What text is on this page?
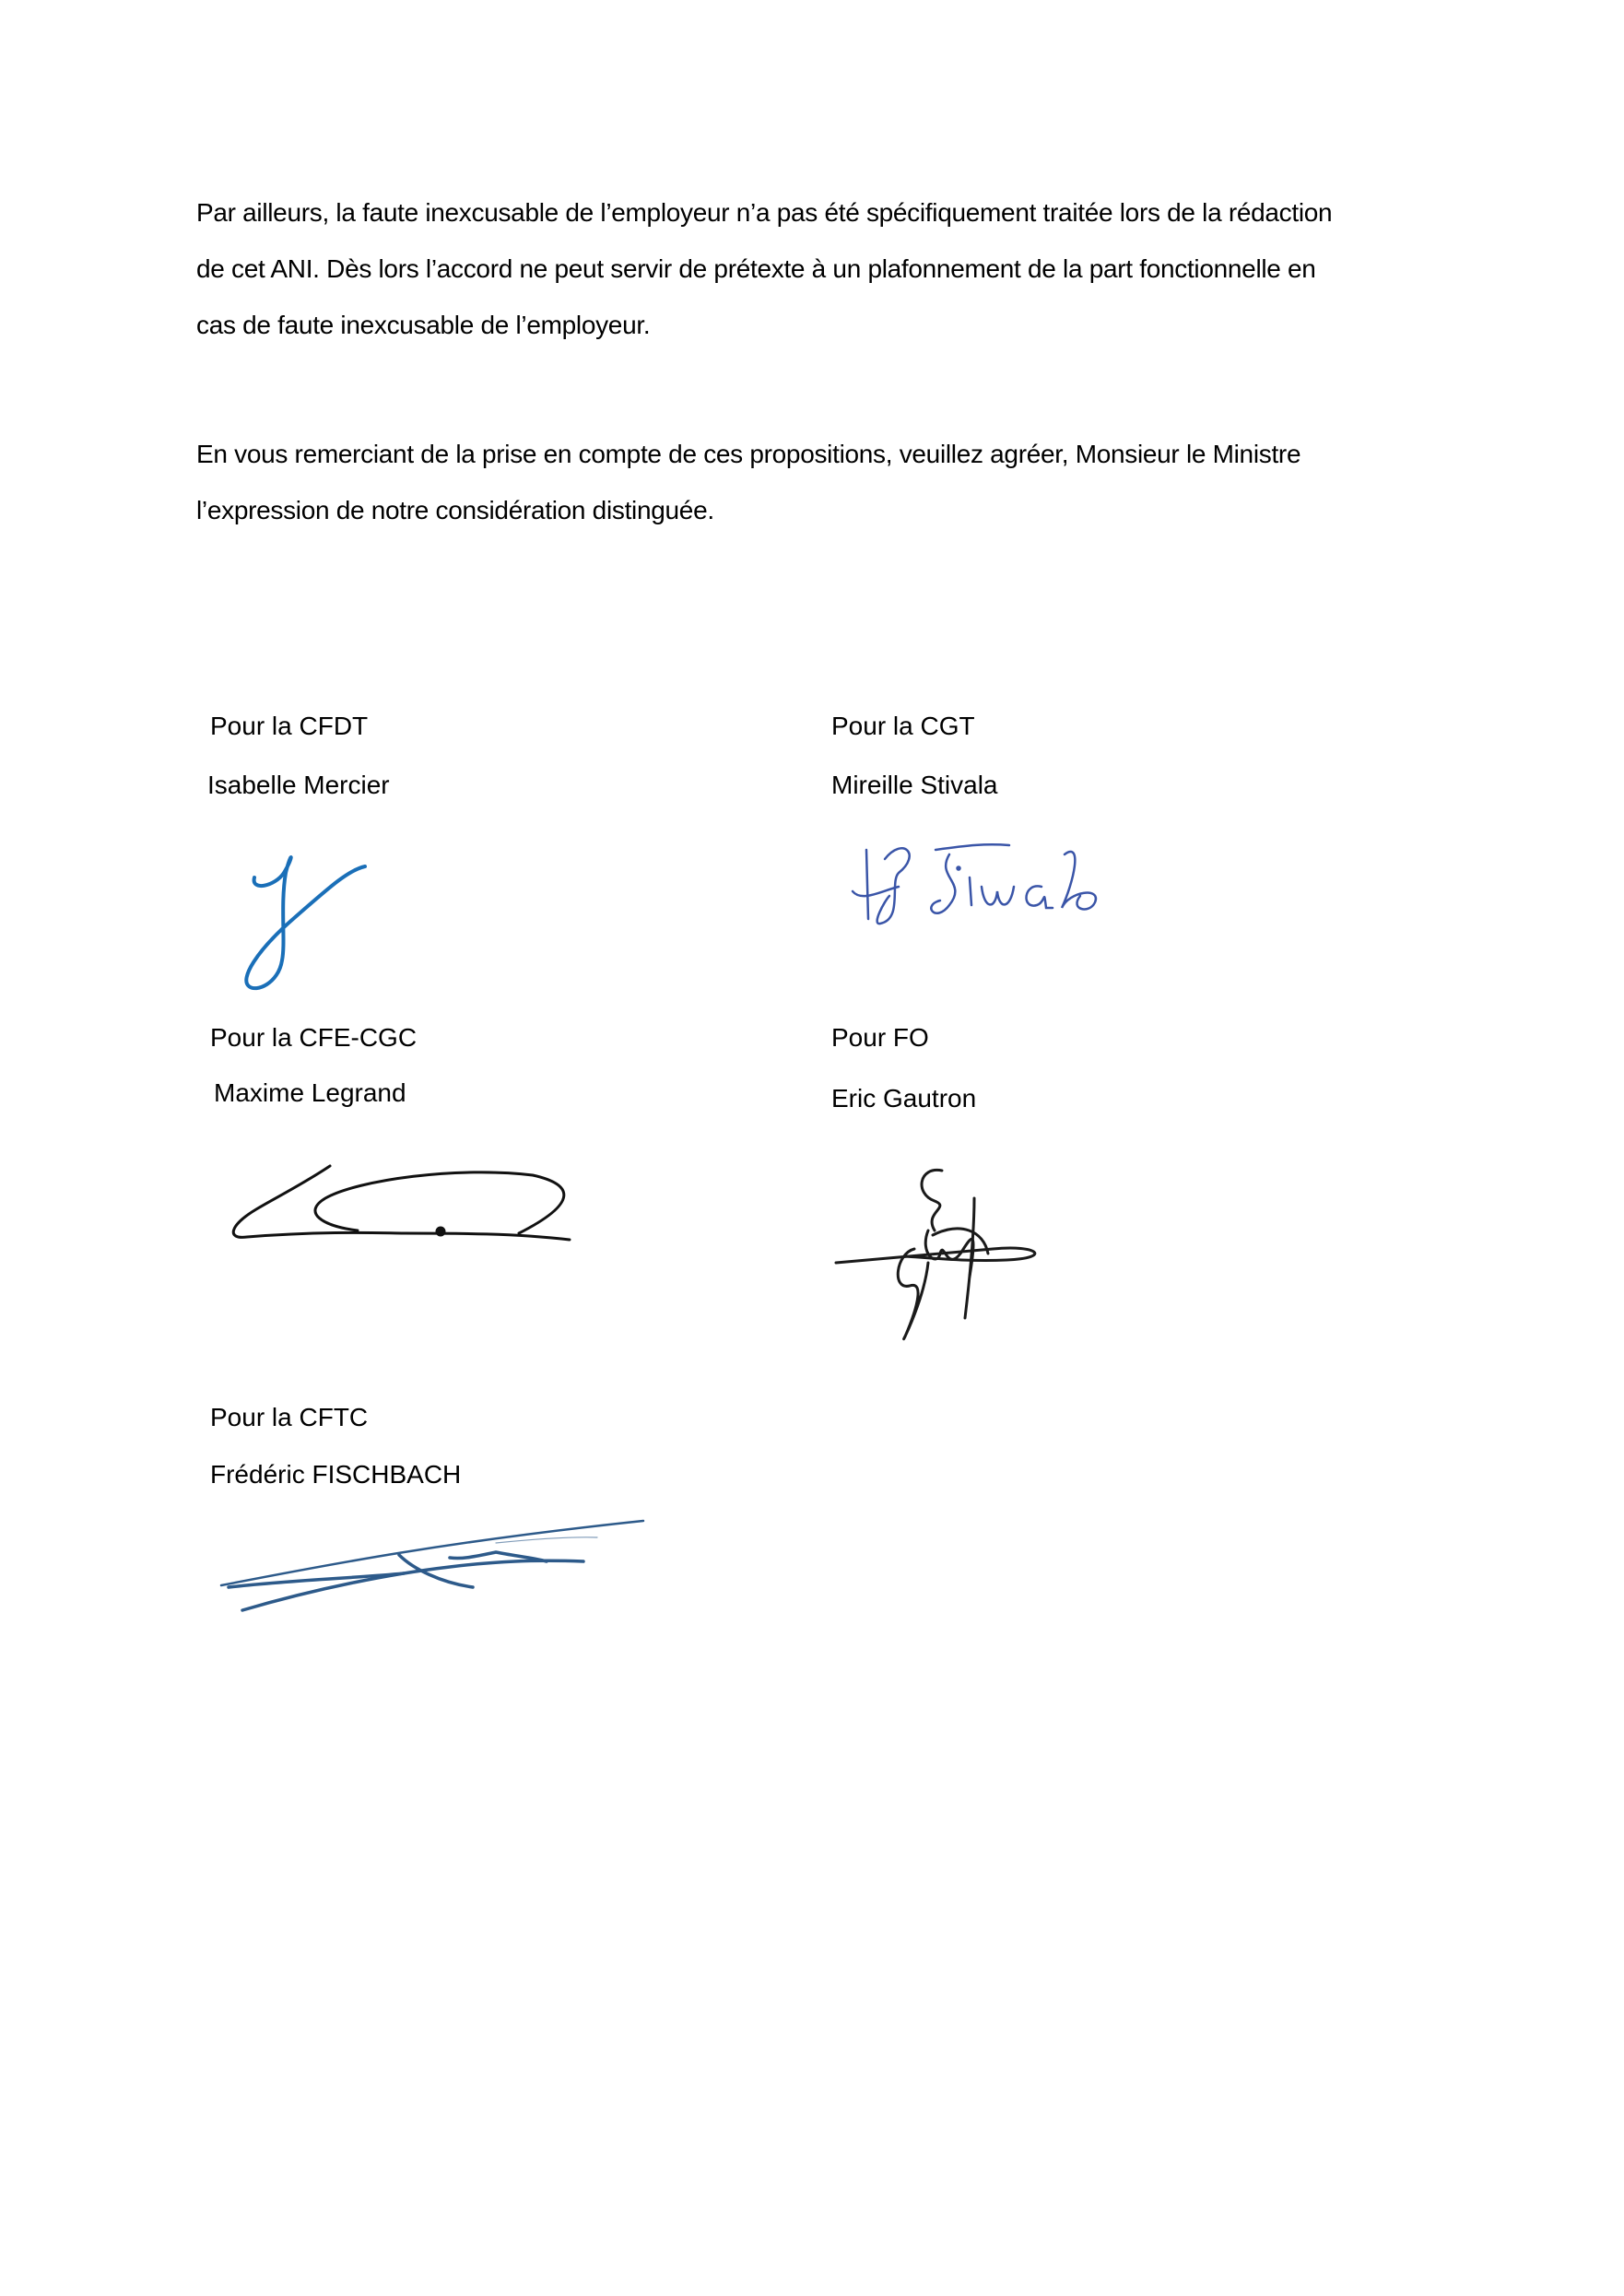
Par ailleurs, la faute inexcusable de l’employeur n’a pas été spécifiquement traitée lors de la rédaction
de cet ANI. Dès lors l’accord ne peut servir de prétexte à un plafonnement de la part fonctionnelle en
cas de faute inexcusable de l’employeur.
En vous remerciant de la prise en compte de ces propositions, veuillez agréer, Monsieur le Ministre
l’expression de notre considération distinguée.
Pour la CFDT
Isabelle Mercier
Pour la CGT
Mireille Stivala
Pour la CFE-CGC
Maxime Legrand
Pour FO
Eric Gautron
Pour la CFTC
Frédéric FISCHBACH
